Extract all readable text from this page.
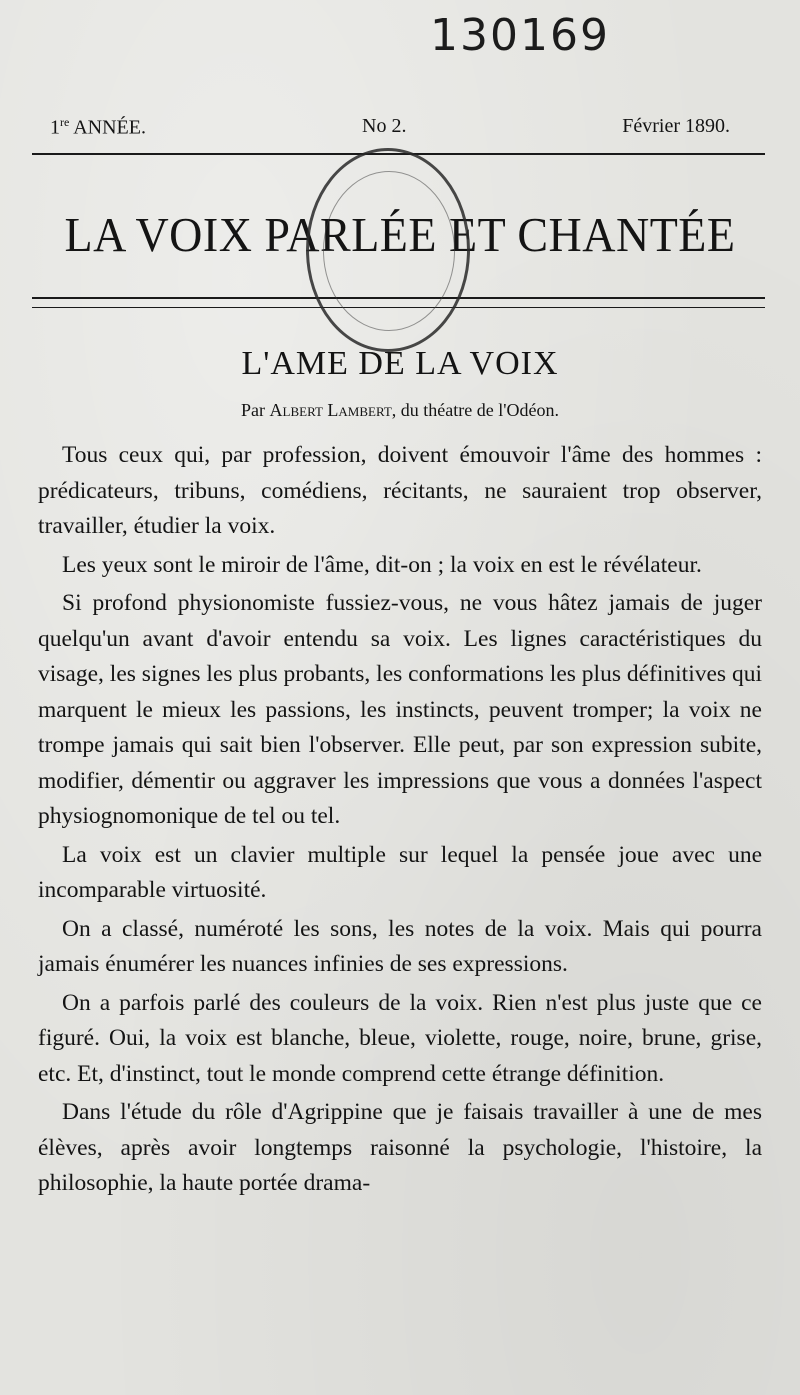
130169
1re ANNÉE.	No 2.	Février 1890.
LA VOIX PARLÉE ET CHANTÉE
L'AME DE LA VOIX
Par Albert Lambert, du théatre de l'Odéon.

Tous ceux qui, par profession, doivent émouvoir l'âme des hommes : prédicateurs, tribuns, comédiens, récitants, ne sauraient trop observer, travailler, étudier la voix.

Les yeux sont le miroir de l'âme, dit-on ; la voix en est le révélateur.

Si profond physionomiste fussiez-vous, ne vous hâtez jamais de juger quelqu'un avant d'avoir entendu sa voix. Les lignes caractéristiques du visage, les signes les plus probants, les conformations les plus définitives qui marquent le mieux les passions, les instincts, peuvent tromper; la voix ne trompe jamais qui sait bien l'observer. Elle peut, par son expression subite, modifier, démentir ou aggraver les impressions que vous a données l'aspect physiognomonique de tel ou tel.

La voix est un clavier multiple sur lequel la pensée joue avec une incomparable virtuosité.

On a classé, numéroté les sons, les notes de la voix. Mais qui pourra jamais énumérer les nuances infinies de ses expressions.

On a parfois parlé des couleurs de la voix. Rien n'est plus juste que ce figuré. Oui, la voix est blanche, bleue, violette, rouge, noire, brune, grise, etc. Et, d'instinct, tout le monde comprend cette étrange définition.

Dans l'étude du rôle d'Agrippine que je faisais travailler à une de mes élèves, après avoir longtemps raisonné la psychologie, l'histoire, la philosophie, la haute portée drama-
